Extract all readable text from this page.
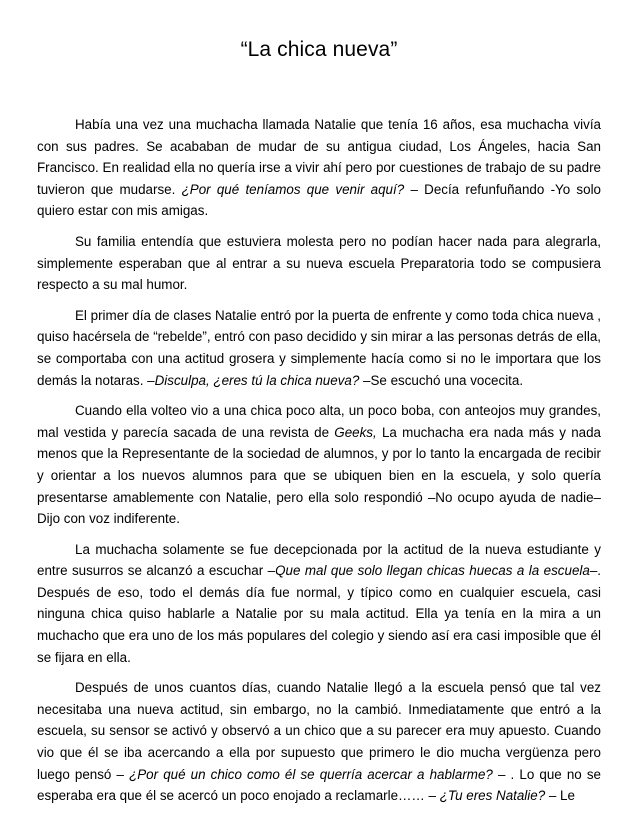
“La chica nueva”

Había una vez una muchacha llamada Natalie que tenía 16 años, esa muchacha vivía con sus padres. Se acababan de mudar de su antigua ciudad, Los Ángeles, hacia San Francisco. En realidad ella no quería irse a vivir ahí pero por cuestiones de trabajo de su padre tuvieron que mudarse. ¿Por qué teníamos que venir aquí? – Decía refunfuñando -Yo solo quiero estar con mis amigas.

Su familia entendía que estuviera molesta pero no podían hacer nada para alegrarla, simplemente esperaban que al entrar a su nueva escuela Preparatoria todo se compusiera respecto a su mal humor.

El primer día de clases Natalie entró por la puerta de enfrente y como toda chica nueva , quiso hacérsela de “rebelde”, entró con paso decidido y sin mirar a las personas detrás de ella, se comportaba con una actitud grosera y simplemente hacía como si no le importara que los demás la notaras. –Disculpa, ¿eres tú la chica nueva? –Se escuchó una vocecita.

Cuando ella volteo vio a una chica poco alta, un poco boba, con anteojos muy grandes, mal vestida y parecía sacada de una revista de Geeks, La muchacha era nada más y nada menos que la Representante de la sociedad de alumnos, y por lo tanto la encargada de recibir y orientar a los nuevos alumnos para que se ubiquen bien en la escuela, y solo quería presentarse amablemente con Natalie, pero ella solo respondió –No ocupo ayuda de nadie– Dijo con voz indiferente.

La muchacha solamente se fue decepcionada por la actitud de la nueva estudiante y entre susurros se alcanzó a escuchar –Que mal que solo llegan chicas huecas a la escuela–. Después de eso, todo el demás día fue normal, y típico como en cualquier escuela, casi ninguna chica quiso hablarle a Natalie por su mala actitud. Ella ya tenía en la mira a un muchacho que era uno de los más populares del colegio y siendo así era casi imposible que él se fijara en ella.

Después de unos cuantos días, cuando Natalie llegó a la escuela pensó que tal vez necesitaba una nueva actitud, sin embargo, no la cambió. Inmediatamente que entró a la escuela, su sensor se activó y observó a un chico que a su parecer era muy apuesto. Cuando vio que él se iba acercando a ella por supuesto que primero le dio mucha vergüenza pero luego pensó – ¿Por qué un chico como él se querría acercar a hablarme? – . Lo que no se esperaba era que él se acercó un poco enojado a reclamarle…… – ¿Tu eres Natalie? – Le
